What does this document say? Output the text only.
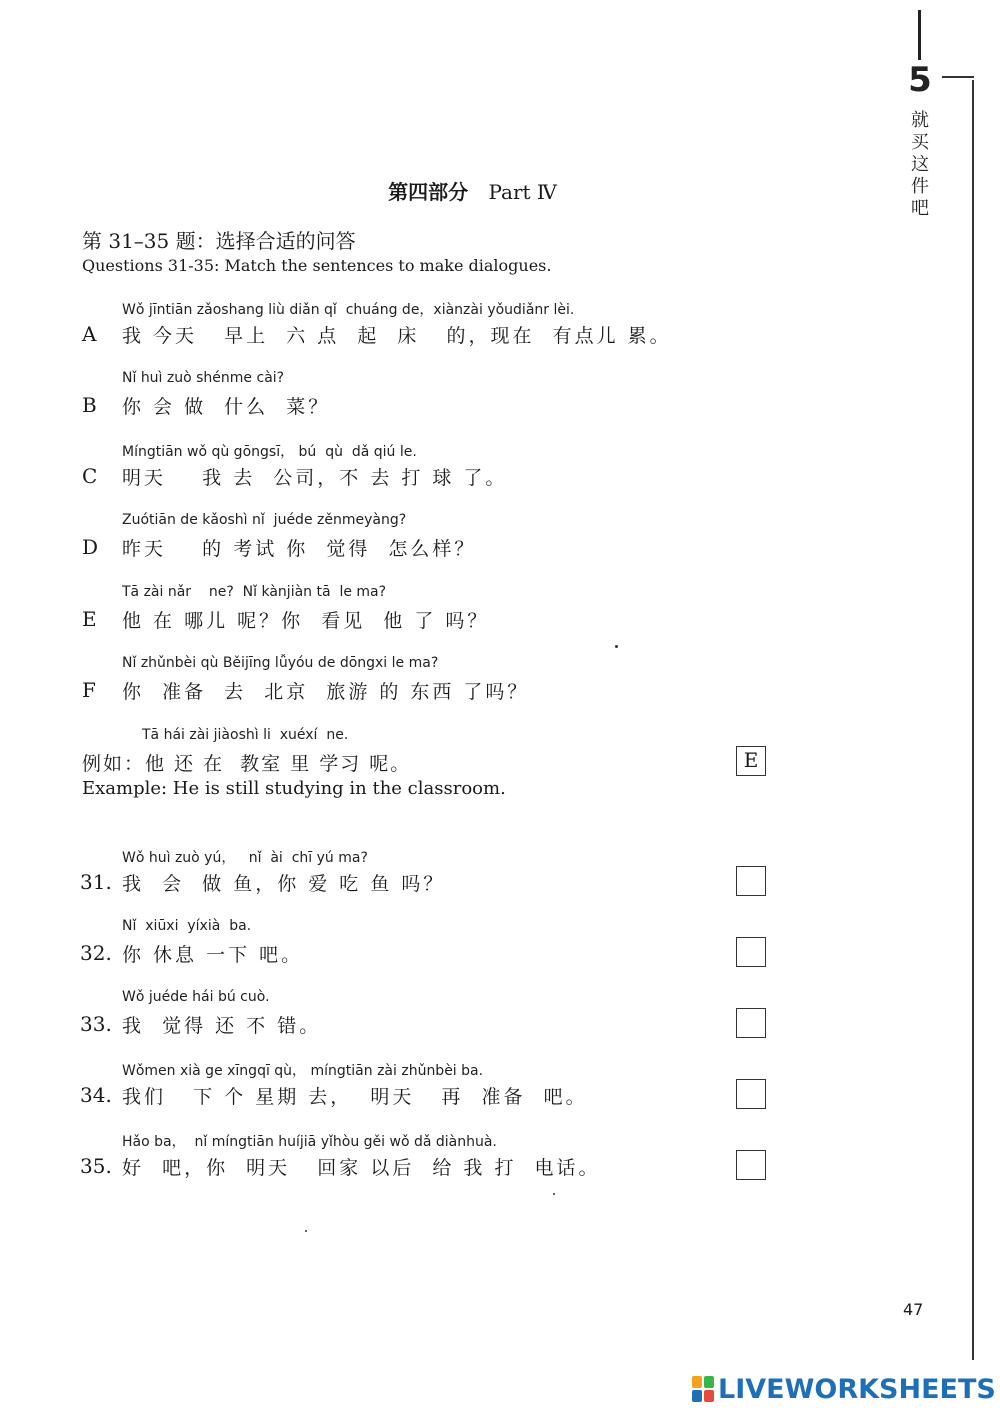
5
就
买
这
件
吧
第四部分 Part Ⅳ
第 31–35 题：选择合适的问答
Questions 31-35: Match the sentences to make dialogues.
Wǒ jīntiān zǎoshang liù diǎn qǐ  chuáng de，xiànzài yǒudiǎnr lèi.
A 我 今天   早上  六 点  起  床   的，现在  有点儿 累。
Nǐ huì zuò shénme cài?
B 你 会 做  什么  菜？
Míngtiān wǒ qù gōngsī， bú  qù  dǎ qiú le.
C 明天    我 去  公司，不 去 打 球 了。
Zuótiān de kǎoshì nǐ  juéde zěnmeyàng?
D 昨天    的 考试 你  觉得  怎么样？
Tā zài nǎr    ne?  Nǐ kànjiàn tā  le ma?
E 他 在 哪儿 呢？你  看见  他 了 吗？
Nǐ zhǔnbèi qù Běijīng lǚyóu de dōngxi le ma?
F 你  准备  去  北京  旅游 的 东西 了吗？
Tā hái zài jiàoshì li  xuéxí  ne.
例如：他 还 在  教室 里 学习 呢。	E
Example: He is still studying in the classroom.
Wǒ huì zuò yú，   nǐ  ài  chī yú ma?
31. 我  会  做 鱼，你 爱 吃 鱼 吗？
Nǐ  xiūxi  yíxià  ba.
32. 你 休息 一下 吧。
Wǒ juéde hái bú cuò.
33. 我  觉得 还 不 错。
Wǒmen xià ge xīngqī qù， míngtiān zài zhǔnbèi ba.
34. 我们   下 个 星期 去，  明天   再  准备  吧。
Hǎo ba，  nǐ míngtiān huíjiā yǐhòu gěi wǒ dǎ diànhuà.
35. 好  吧，你  明天   回家 以后  给 我 打  电话。
47
LIVEWORKSHEETS
